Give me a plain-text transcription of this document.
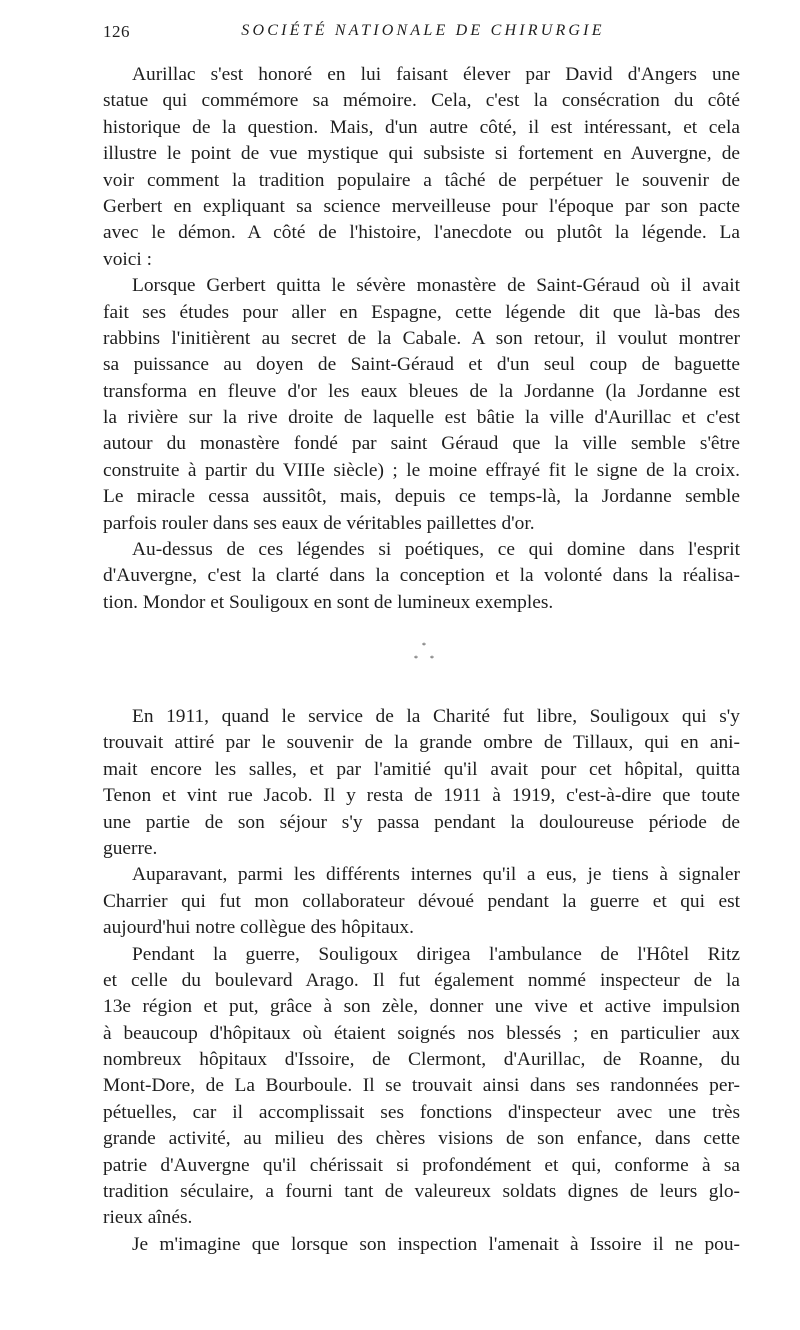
126	SOCIÉTÉ NATIONALE DE CHIRURGIE
Aurillac s'est honoré en lui faisant élever par David d'Angers une
statue qui commémore sa mémoire. Cela, c'est la consécration du côté
historique de la question. Mais, d'un autre côté, il est intéressant, et cela
illustre le point de vue mystique qui subsiste si fortement en Auvergne, de
voir comment la tradition populaire a tâché de perpétuer le souvenir de
Gerbert en expliquant sa science merveilleuse pour l'époque par son pacte
avec le démon. A côté de l'histoire, l'anecdote ou plutôt la légende. La
voici :
Lorsque Gerbert quitta le sévère monastère de Saint-Géraud où il avait
fait ses études pour aller en Espagne, cette légende dit que là-bas des
rabbins l'initièrent au secret de la Cabale. A son retour, il voulut montrer
sa puissance au doyen de Saint-Géraud et d'un seul coup de baguette
transforma en fleuve d'or les eaux bleues de la Jordanne (la Jordanne est
la rivière sur la rive droite de laquelle est bâtie la ville d'Aurillac et c'est
autour du monastère fondé par saint Géraud que la ville semble s'être
construite à partir du VIIIe siècle) ; le moine effrayé fit le signe de la croix.
Le miracle cessa aussitôt, mais, depuis ce temps-là, la Jordanne semble
parfois rouler dans ses eaux de véritables paillettes d'or.
Au-dessus de ces légendes si poétiques, ce qui domine dans l'esprit
d'Auvergne, c'est la clarté dans la conception et la volonté dans la réalisa-
tion. Mondor et Souligoux en sont de lumineux exemples.
*
* *
En 1911, quand le service de la Charité fut libre, Souligoux qui s'y
trouvait attiré par le souvenir de la grande ombre de Tillaux, qui en ani-
mait encore les salles, et par l'amitié qu'il avait pour cet hôpital, quitta
Tenon et vint rue Jacob. Il y resta de 1911 à 1919, c'est-à-dire que toute
une partie de son séjour s'y passa pendant la douloureuse période de
guerre.
Auparavant, parmi les différents internes qu'il a eus, je tiens à signaler
Charrier qui fut mon collaborateur dévoué pendant la guerre et qui est
aujourd'hui notre collègue des hôpitaux.
Pendant la guerre, Souligoux dirigea l'ambulance de l'Hôtel Ritz
et celle du boulevard Arago. Il fut également nommé inspecteur de la
13e région et put, grâce à son zèle, donner une vive et active impulsion
à beaucoup d'hôpitaux où étaient soignés nos blessés ; en particulier aux
nombreux hôpitaux d'Issoire, de Clermont, d'Aurillac, de Roanne, du
Mont-Dore, de La Bourboule. Il se trouvait ainsi dans ses randonnées per-
pétuelles, car il accomplissait ses fonctions d'inspecteur avec une très
grande activité, au milieu des chères visions de son enfance, dans cette
patrie d'Auvergne qu'il chérissait si profondément et qui, conforme à sa
tradition séculaire, a fourni tant de valeureux soldats dignes de leurs glo-
rieux aînés.
Je m'imagine que lorsque son inspection l'amenait à Issoire il ne pou-
